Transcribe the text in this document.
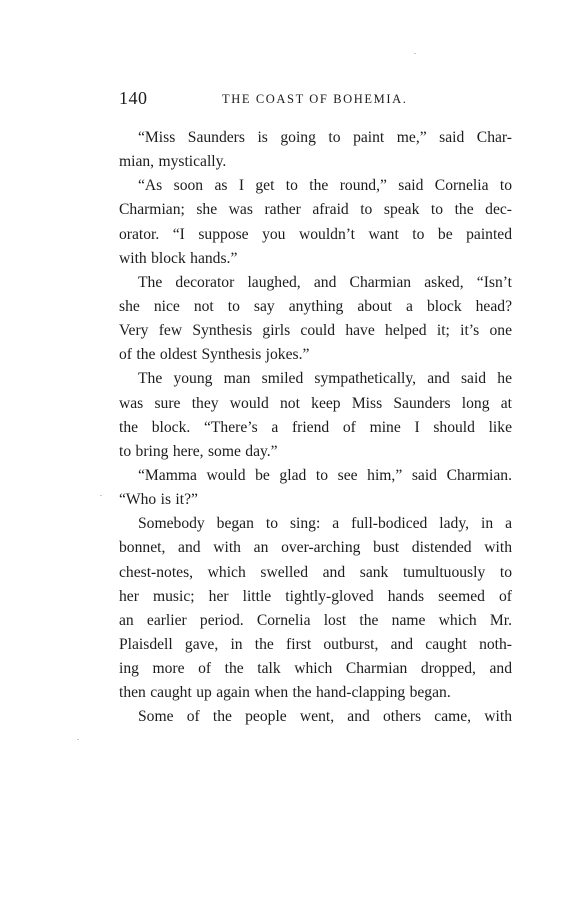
140	THE COAST OF BOHEMIA.
“Miss Saunders is going to paint me,” said Char-
mian, mystically.
“As soon as I get to the round,” said Cornelia to
Charmian; she was rather afraid to speak to the dec-
orator. “I suppose you wouldn’t want to be painted
with block hands.”
The decorator laughed, and Charmian asked, “Isn’t
she nice not to say anything about a block head?
Very few Synthesis girls could have helped it; it’s one
of the oldest Synthesis jokes.”
The young man smiled sympathetically, and said he
was sure they would not keep Miss Saunders long at
the block. “There’s a friend of mine I should like
to bring here, some day.”
“Mamma would be glad to see him,” said Charmian.
“Who is it?”
Somebody began to sing: a full-bodiced lady, in a
bonnet, and with an over-arching bust distended with
chest-notes, which swelled and sank tumultuously to
her music; her little tightly-gloved hands seemed of
an earlier period. Cornelia lost the name which Mr.
Plaisdell gave, in the first outburst, and caught noth-
ing more of the talk which Charmian dropped, and
then caught up again when the hand-clapping began.
Some of the people went, and others came, with
